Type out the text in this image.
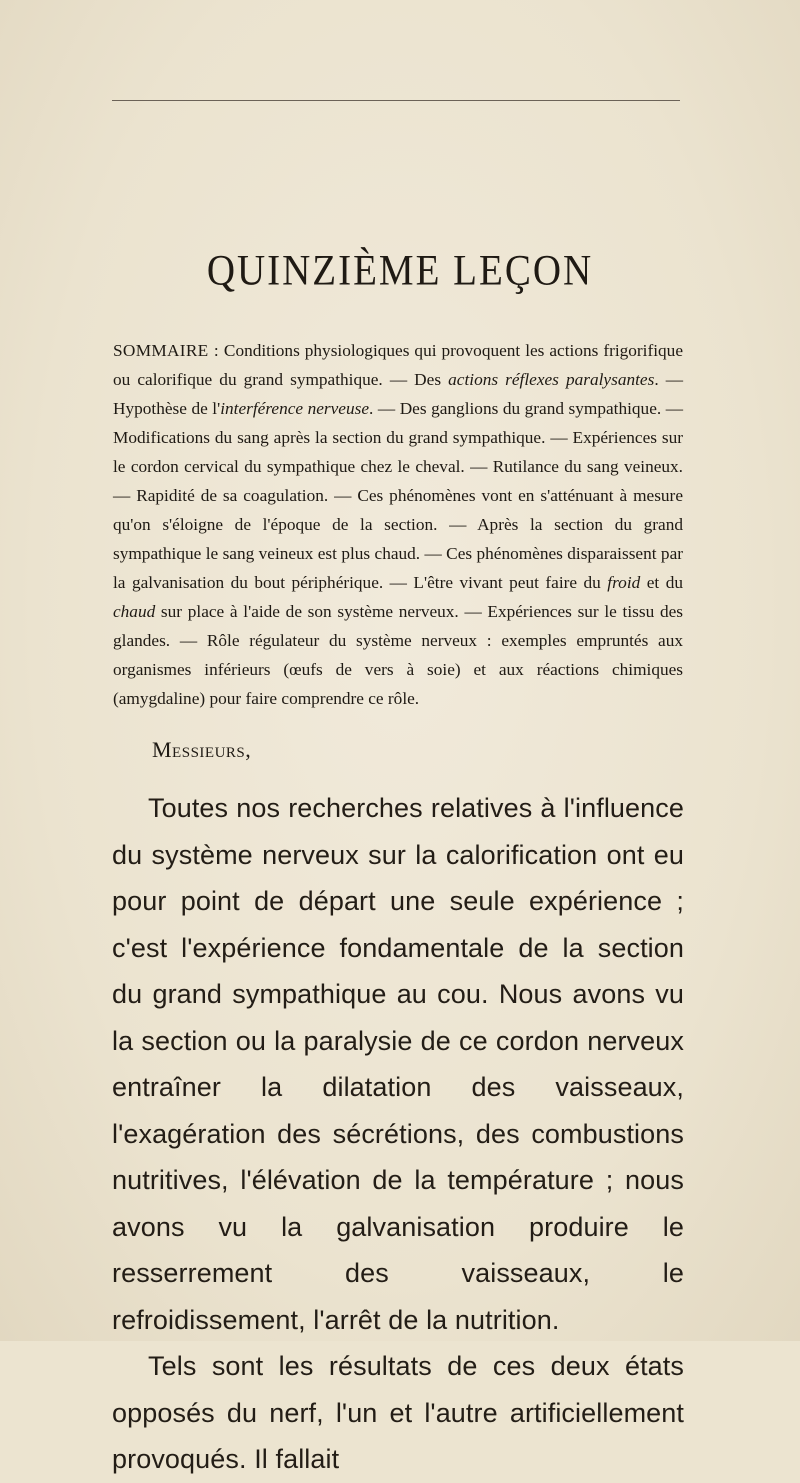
QUINZIÈME LEÇON
SOMMAIRE : Conditions physiologiques qui provoquent les actions frigorifique ou calorifique du grand sympathique. — Des actions réflexes paralysantes. — Hypothèse de l'interférence nerveuse. — Des ganglions du grand sympathique. — Modifications du sang après la section du grand sympathique. — Expériences sur le cordon cervical du sympathique chez le cheval. — Rutilance du sang veineux. — Rapidité de sa coagulation. — Ces phénomènes vont en s'atténuant à mesure qu'on s'éloigne de l'époque de la section. — Après la section du grand sympathique le sang veineux est plus chaud. — Ces phénomènes disparaissent par la galvanisation du bout périphérique. — L'être vivant peut faire du froid et du chaud sur place à l'aide de son système nerveux. — Expériences sur le tissu des glandes. — Rôle régulateur du système nerveux : exemples empruntés aux organismes inférieurs (œufs de vers à soie) et aux réactions chimiques (amygdaline) pour faire comprendre ce rôle.
Messieurs,

Toutes nos recherches relatives à l'influence du système nerveux sur la calorification ont eu pour point de départ une seule expérience ; c'est l'expérience fondamentale de la section du grand sympathique au cou. Nous avons vu la section ou la paralysie de ce cordon nerveux entraîner la dilatation des vaisseaux, l'exagération des sécrétions, des combustions nutritives, l'élévation de la température ; nous avons vu la galvanisation produire le resserrement des vaisseaux, le refroidissement, l'arrêt de la nutrition.

Tels sont les résultats de ces deux états opposés du nerf, l'un et l'autre artificiellement provoqués. Il fallait
